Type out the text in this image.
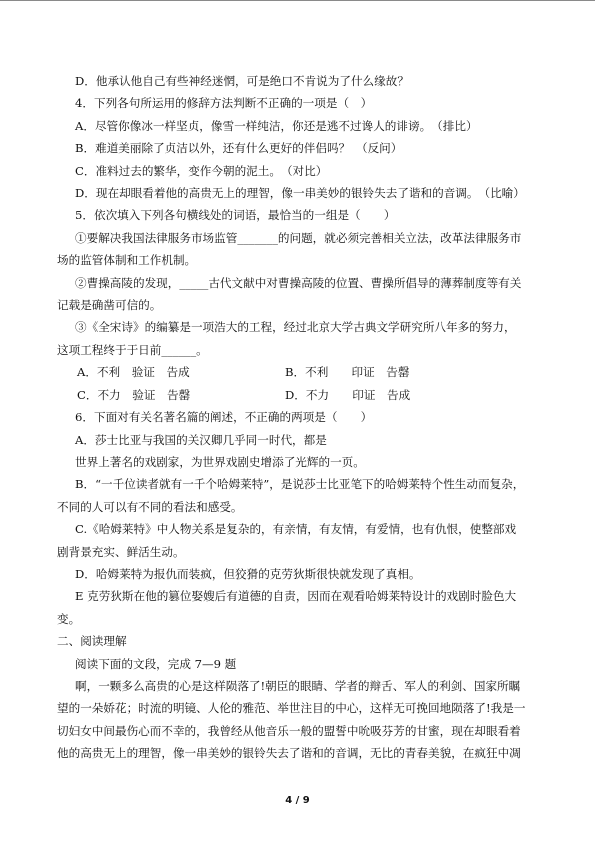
D．他承认他自己有些神经迷惘，可是绝口不肯说为了什么缘故？
4．下列各句所运用的修辞方法判断不正确的一项是（　）
A．尽管你像冰一样坚贞，像雪一样纯洁，你还是逃不过谗人的诽谤。　（排比）
B．难道美丽除了贞洁以外，还有什么更好的伴侣吗？　（反问）
C．准料过去的繁华，变作今朝的泥土。　（对比）
D．现在却眼看着他的高贵无上的理智，像一串美妙的银铃失去了谐和的音调。　（比喻）
5．依次填入下列各句横线处的词语，最恰当的一组是（　　）
①要解决我国法律服务市场监管_______的问题，就必须完善相关立法，改革法律服务市
场的监管体制和工作机制。
②曹操高陵的发现，_____古代文献中对曹操高陵的位置、曹操所倡导的薄葬制度等有关
记载是确凿可信的。
③《全宋诗》的编纂是一项浩大的工程，经过北京大学古典文学研究所八年多的努力，
这项工程终于于日前______。
A．不利　验证　告成	B．不利　　印证　告罄
C．不力　验证　告罄	D．不力　　印证　告成
6．下面对有关名著名篇的阐述，不正确的两项是（　　）
A．莎士比亚与我国的关汉卿几乎同一时代，都是
世界上著名的戏剧家，为世界戏剧史增添了光辉的一页。
B．“一千位读者就有一千个哈姆莱特”，是说莎士比亚笔下的哈姆莱特个性生动而复杂，
不同的人可以有不同的看法和感受。
C.《哈姆莱特》中人物关系是复杂的，有亲情，有友情，有爱情，也有仇恨，使整部戏
剧背景充实、鲜活生动。
D．哈姆莱特为报仇而装疯，但狡猾的克劳狄斯很快就发现了真相。
E 克劳狄斯在他的篡位娶嫂后有道德的自责，因而在观看哈姆莱特设计的戏剧时脸色大
变。
二、阅读理解
阅读下面的文段，完成 7—9 题
啊，一颗多么高贵的心是这样陨落了!朝臣的眼睛、学者的辩舌、军人的利剑、国家所瞩
望的一朵娇花；时流的明镜、人伦的雅范、举世注目的中心，这样无可挽回地陨落了!我是一
切妇女中间最伤心而不幸的，我曾经从他音乐一般的盟誓中吮吸芬芳的甘蜜，现在却眼看着
他的高贵无上的理智，像一串美妙的银铃失去了谐和的音调，无比的青春美貌，在疯狂中凋
4 / 9
